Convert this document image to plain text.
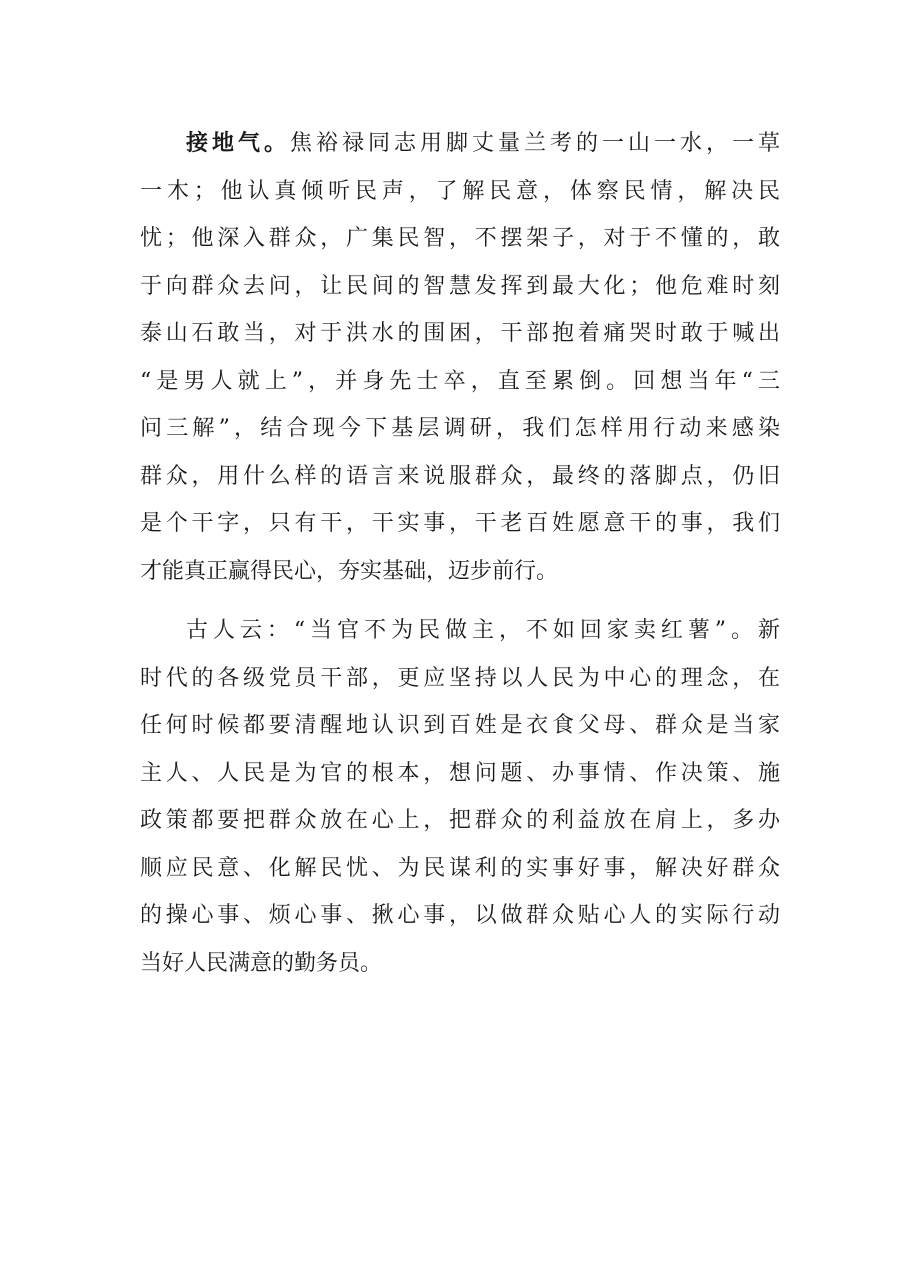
接地气。焦裕禄同志用脚丈量兰考的一山一水，一草
一木；他认真倾听民声，了解民意，体察民情，解决民
忧；他深入群众，广集民智，不摆架子，对于不懂的，敢
于向群众去问，让民间的智慧发挥到最大化；他危难时刻
泰山石敢当，对于洪水的围困，干部抱着痛哭时敢于喊出
“是男人就上”，并身先士卒，直至累倒。回想当年“三
问三解”，结合现今下基层调研，我们怎样用行动来感染
群众，用什么样的语言来说服群众，最终的落脚点，仍旧
是个干字，只有干，干实事，干老百姓愿意干的事，我们
才能真正赢得民心，夯实基础，迈步前行。
古人云：“当官不为民做主，不如回家卖红薯”。新
时代的各级党员干部，更应坚持以人民为中心的理念，在
任何时候都要清醒地认识到百姓是衣食父母、群众是当家
主人、人民是为官的根本，想问题、办事情、作决策、施
政策都要把群众放在心上，把群众的利益放在肩上，多办
顺应民意、化解民忧、为民谋利的实事好事，解决好群众
的操心事、烦心事、揪心事，以做群众贴心人的实际行动
当好人民满意的勤务员。
